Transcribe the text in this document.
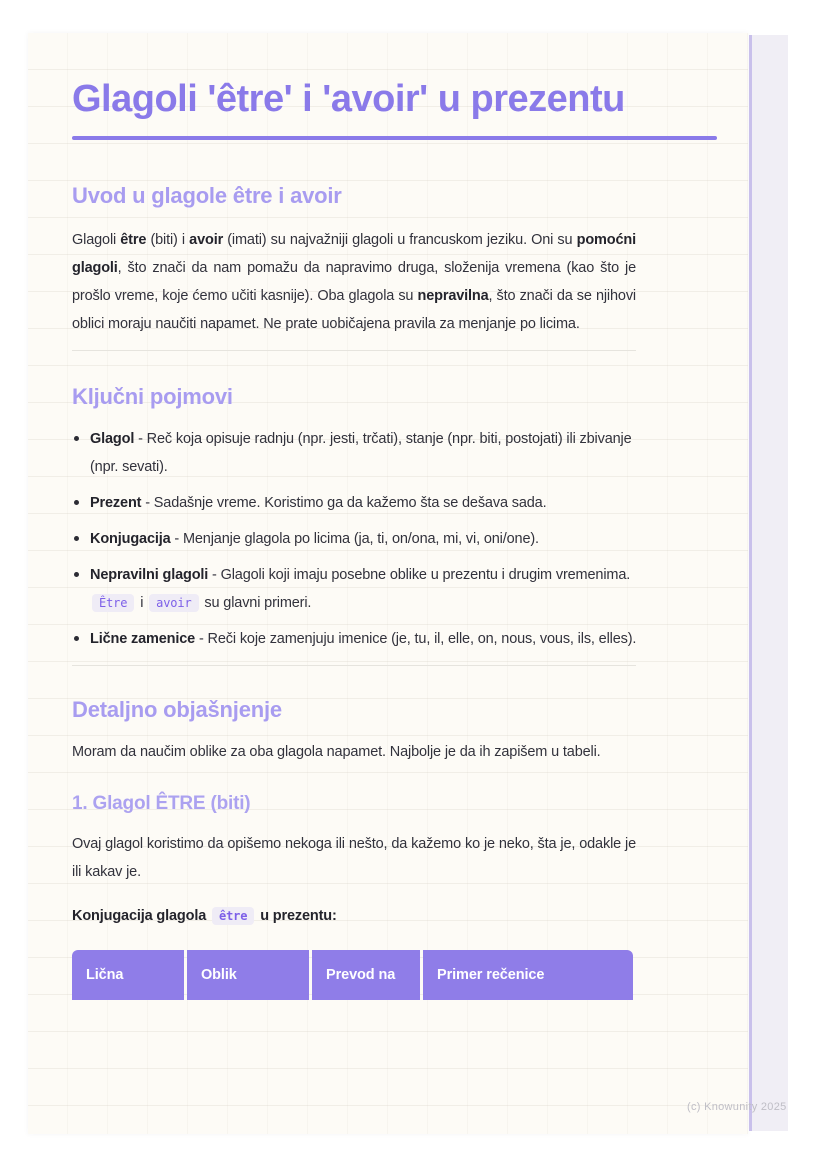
Glagoli 'être' i 'avoir' u prezentu
Uvod u glagole être i avoir

Glagoli être (biti) i avoir (imati) su najvažniji glagoli u francuskom jeziku. Oni su pomoćni glagoli, što znači da nam pomažu da napravimo druga, složenija vremena (kao što je prošlo vreme, koje ćemo učiti kasnije). Oba glagola su nepravilna, što znači da se njihovi oblici moraju naučiti napamet. Ne prate uobičajena pravila za menjanje po licima.

Ključni pojmovi
Glagol - Reč koja opisuje radnju (npr. jesti, trčati), stanje (npr. biti, postojati) ili zbivanje (npr. sevati).
Prezent - Sadašnje vreme. Koristimo ga da kažemo šta se dešava sada.
Konjugacija - Menjanje glagola po licima (ja, ti, on/ona, mi, vi, oni/one).
Nepravilni glagoli - Glagoli koji imaju posebne oblike u prezentu i drugim vremenima. Être i avoir su glavni primeri.
Lične zamenice - Reči koje zamenjuju imenice (je, tu, il, elle, on, nous, vous, ils, elles).
Detaljno objašnjenje

Moram da naučim oblike za oba glagola napamet. Najbolje je da ih zapišem u tabeli.

1. Glagol ÊTRE (biti)

Ovaj glagol koristimo da opišemo nekoga ili nešto, da kažemo ko je neko, šta je, odakle je ili kakav je.

Konjugacija glagola être u prezentu:

Lična	Oblik	Prevod na	Primer rečenice
(c) Knowunity 2025
